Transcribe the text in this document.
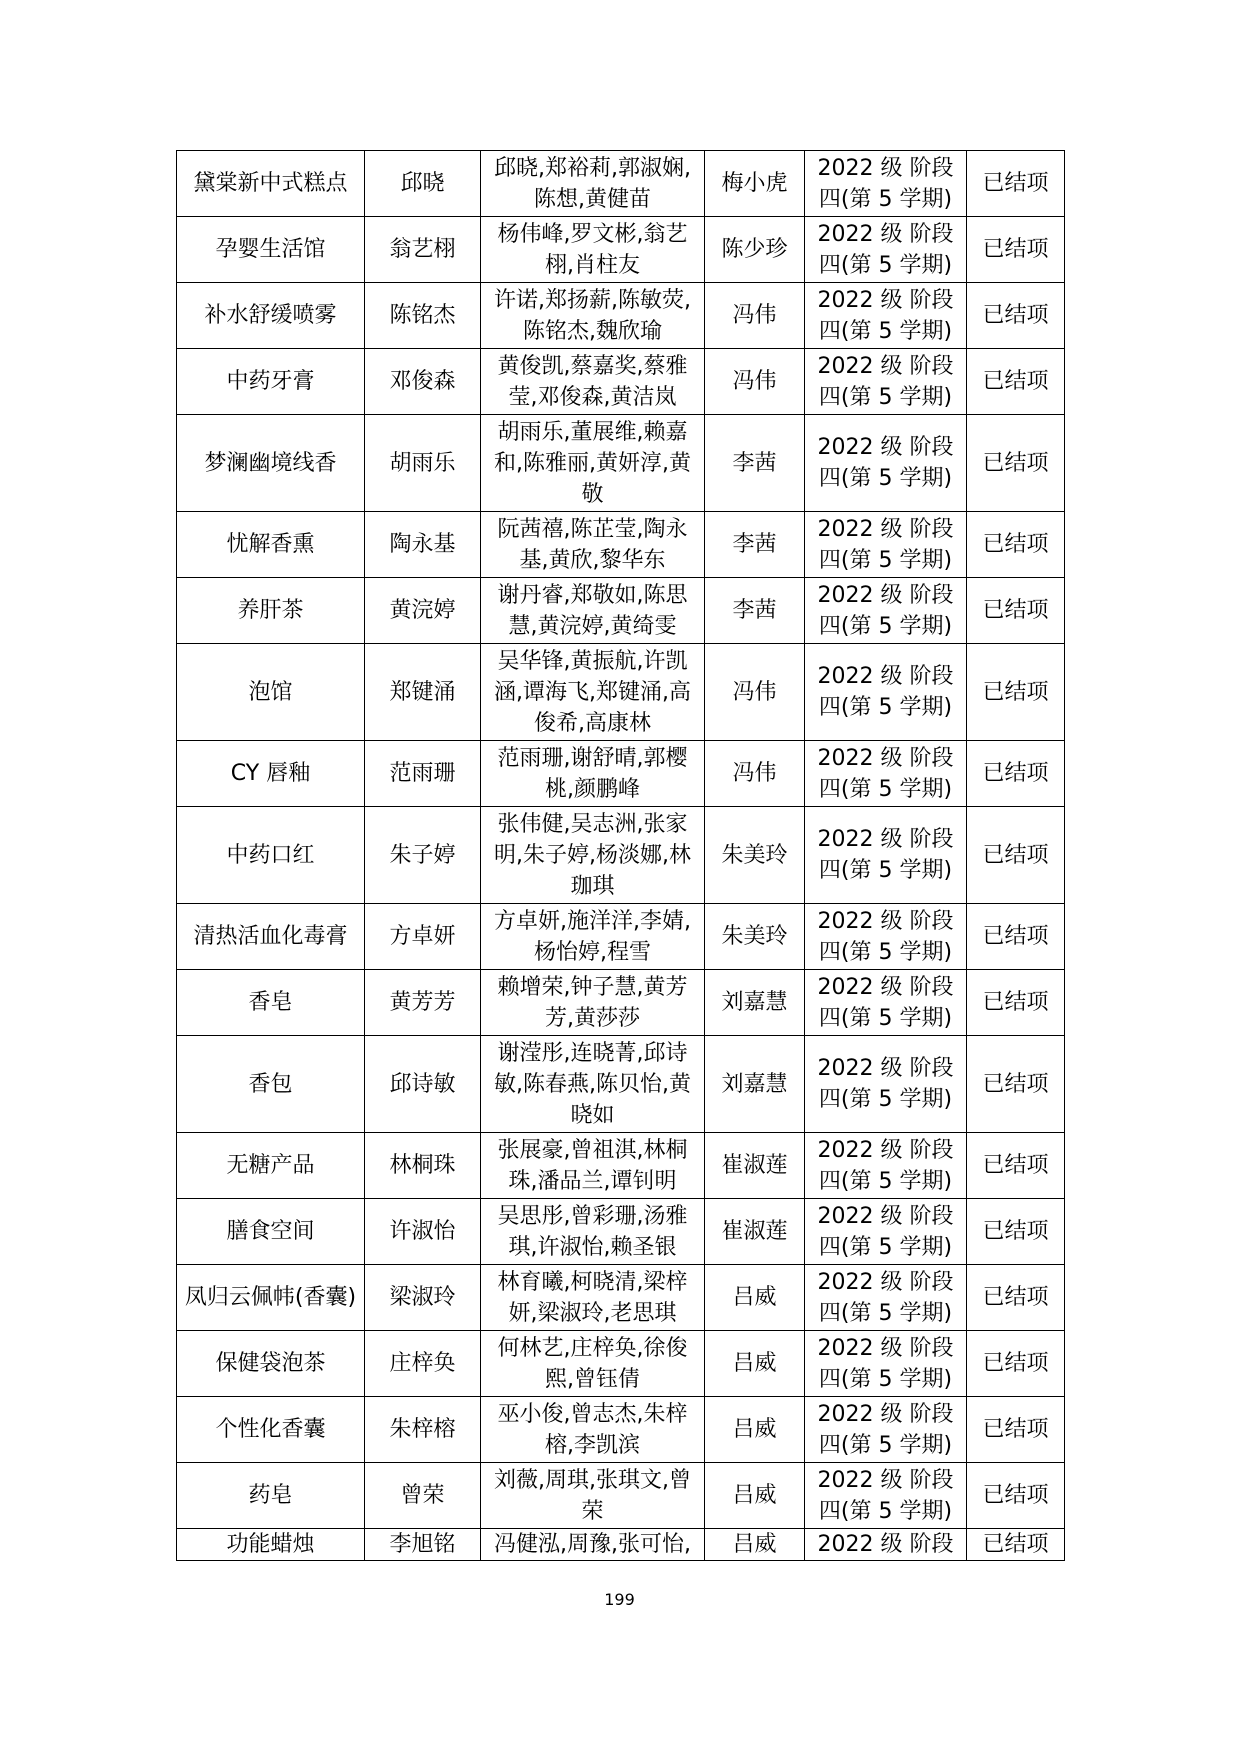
黛棠新中式糕点	邱晓	邱晓,郑裕莉,郭淑娴,陈想,黄健苗	梅小虎	2022 级 阶段四(第 5 学期)	已结项
孕婴生活馆	翁艺栩	杨伟峰,罗文彬,翁艺栩,肖柱友	陈少珍	2022 级 阶段四(第 5 学期)	已结项
补水舒缓喷雾	陈铭杰	许诺,郑扬薪,陈敏荧,陈铭杰,魏欣瑜	冯伟	2022 级 阶段四(第 5 学期)	已结项
中药牙膏	邓俊森	黄俊凯,蔡嘉奖,蔡雅莹,邓俊森,黄洁岚	冯伟	2022 级 阶段四(第 5 学期)	已结项
梦澜幽境线香	胡雨乐	胡雨乐,董展维,赖嘉和,陈雅丽,黄妍淳,黄敬	李茜	2022 级 阶段四(第 5 学期)	已结项
忧解香熏	陶永基	阮茜禧,陈芷莹,陶永基,黄欣,黎华东	李茜	2022 级 阶段四(第 5 学期)	已结项
养肝茶	黄浣婷	谢丹睿,郑敬如,陈思慧,黄浣婷,黄绮雯	李茜	2022 级 阶段四(第 5 学期)	已结项
泡馆	郑键涌	吴华锋,黄振航,许凯涵,谭海飞,郑键涌,高俊希,高康林	冯伟	2022 级 阶段四(第 5 学期)	已结项
CY 唇釉	范雨珊	范雨珊,谢舒晴,郭樱桃,颜鹏峰	冯伟	2022 级 阶段四(第 5 学期)	已结项
中药口红	朱子婷	张伟健,吴志洲,张家明,朱子婷,杨淡娜,林珈琪	朱美玲	2022 级 阶段四(第 5 学期)	已结项
清热活血化毒膏	方卓妍	方卓妍,施洋洋,李婧,杨怡婷,程雪	朱美玲	2022 级 阶段四(第 5 学期)	已结项
香皂	黄芳芳	赖增荣,钟子慧,黄芳芳,黄莎莎	刘嘉慧	2022 级 阶段四(第 5 学期)	已结项
香包	邱诗敏	谢滢彤,连晓菁,邱诗敏,陈春燕,陈贝怡,黄晓如	刘嘉慧	2022 级 阶段四(第 5 学期)	已结项
无糖产品	林桐珠	张展豪,曾祖淇,林桐珠,潘品兰,谭钊明	崔淑莲	2022 级 阶段四(第 5 学期)	已结项
膳食空间	许淑怡	吴思彤,曾彩珊,汤雅琪,许淑怡,赖圣银	崔淑莲	2022 级 阶段四(第 5 学期)	已结项
凤归云佩帏(香囊)	梁淑玲	林育曦,柯晓清,梁梓妍,梁淑玲,老思琪	吕威	2022 级 阶段四(第 5 学期)	已结项
保健袋泡茶	庄梓奂	何林艺,庄梓奂,徐俊熙,曾钰倩	吕威	2022 级 阶段四(第 5 学期)	已结项
个性化香囊	朱梓榕	巫小俊,曾志杰,朱梓榕,李凯滨	吕威	2022 级 阶段四(第 5 学期)	已结项
药皂	曾荣	刘薇,周琪,张琪文,曾荣	吕威	2022 级 阶段四(第 5 学期)	已结项
功能蜡烛	李旭铭	冯健泓,周豫,张可怡,	吕威	2022 级 阶段	已结项
199
